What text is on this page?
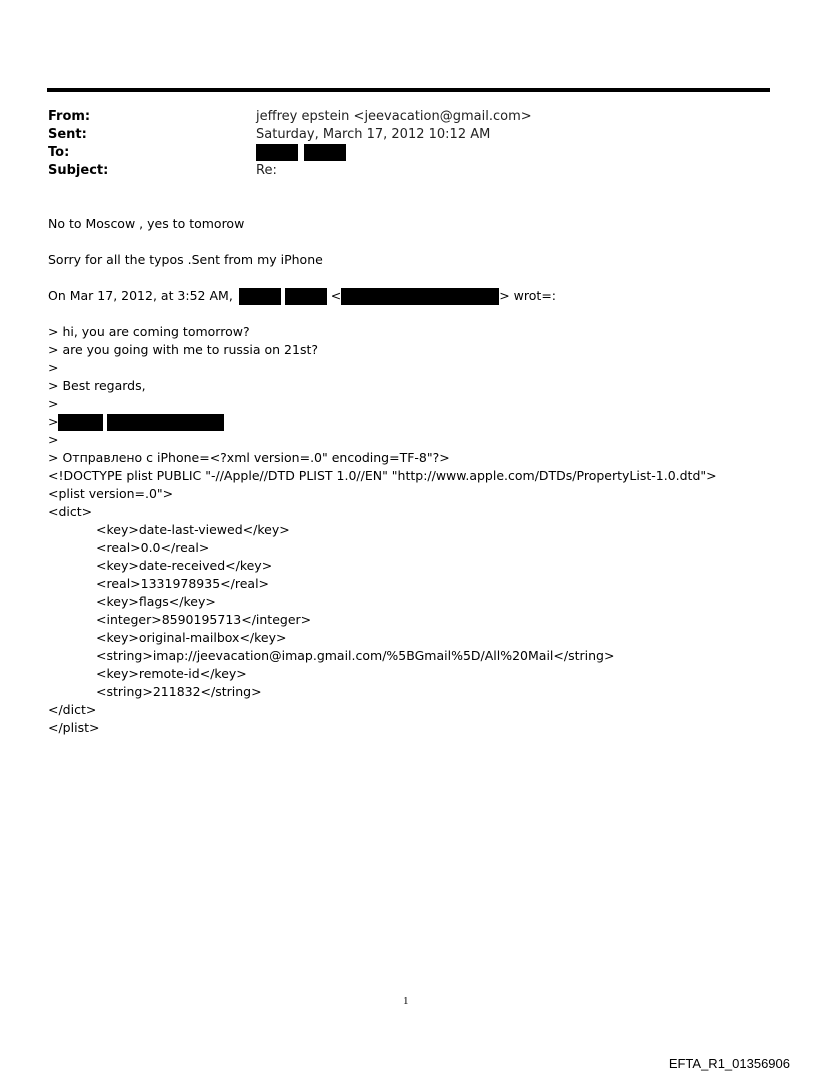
From:	jeffrey epstein <jeevacation@gmail.com>
Sent:	Saturday, March 17, 2012 10:12 AM
To:

Subject:	Re:
No to Moscow , yes to tomorow
Sorry for all the typos .Sent from my iPhone
On Mar 17, 2012, at 3:52 AM,	<	> wrot=:
> hi, you are coming tomorrow?
> are you going with me to russia on 21st?
>
> Best regards,
>
>
>
> Отправлено с iPhone=<?xml version=.0" encoding=TF-8"?>
<!DOCTYPE plist PUBLIC "-//Apple//DTD PLIST 1.0//EN" "http://www.apple.com/DTDs/PropertyList-1.0.dtd">
<plist version=.0">
<dict>
<key>date-last-viewed</key>
<real>0.0</real>
<key>date-received</key>
<real>1331978935</real>
<key>flags</key>
<integer>8590195713</integer>
<key>original-mailbox</key>
<string>imap://jeevacation@imap.gmail.com/%5BGmail%5D/All%20Mail</string>
<key>remote-id</key>
<string>211832</string>
</dict>
</plist>
1
EFTA_R1_01356906
